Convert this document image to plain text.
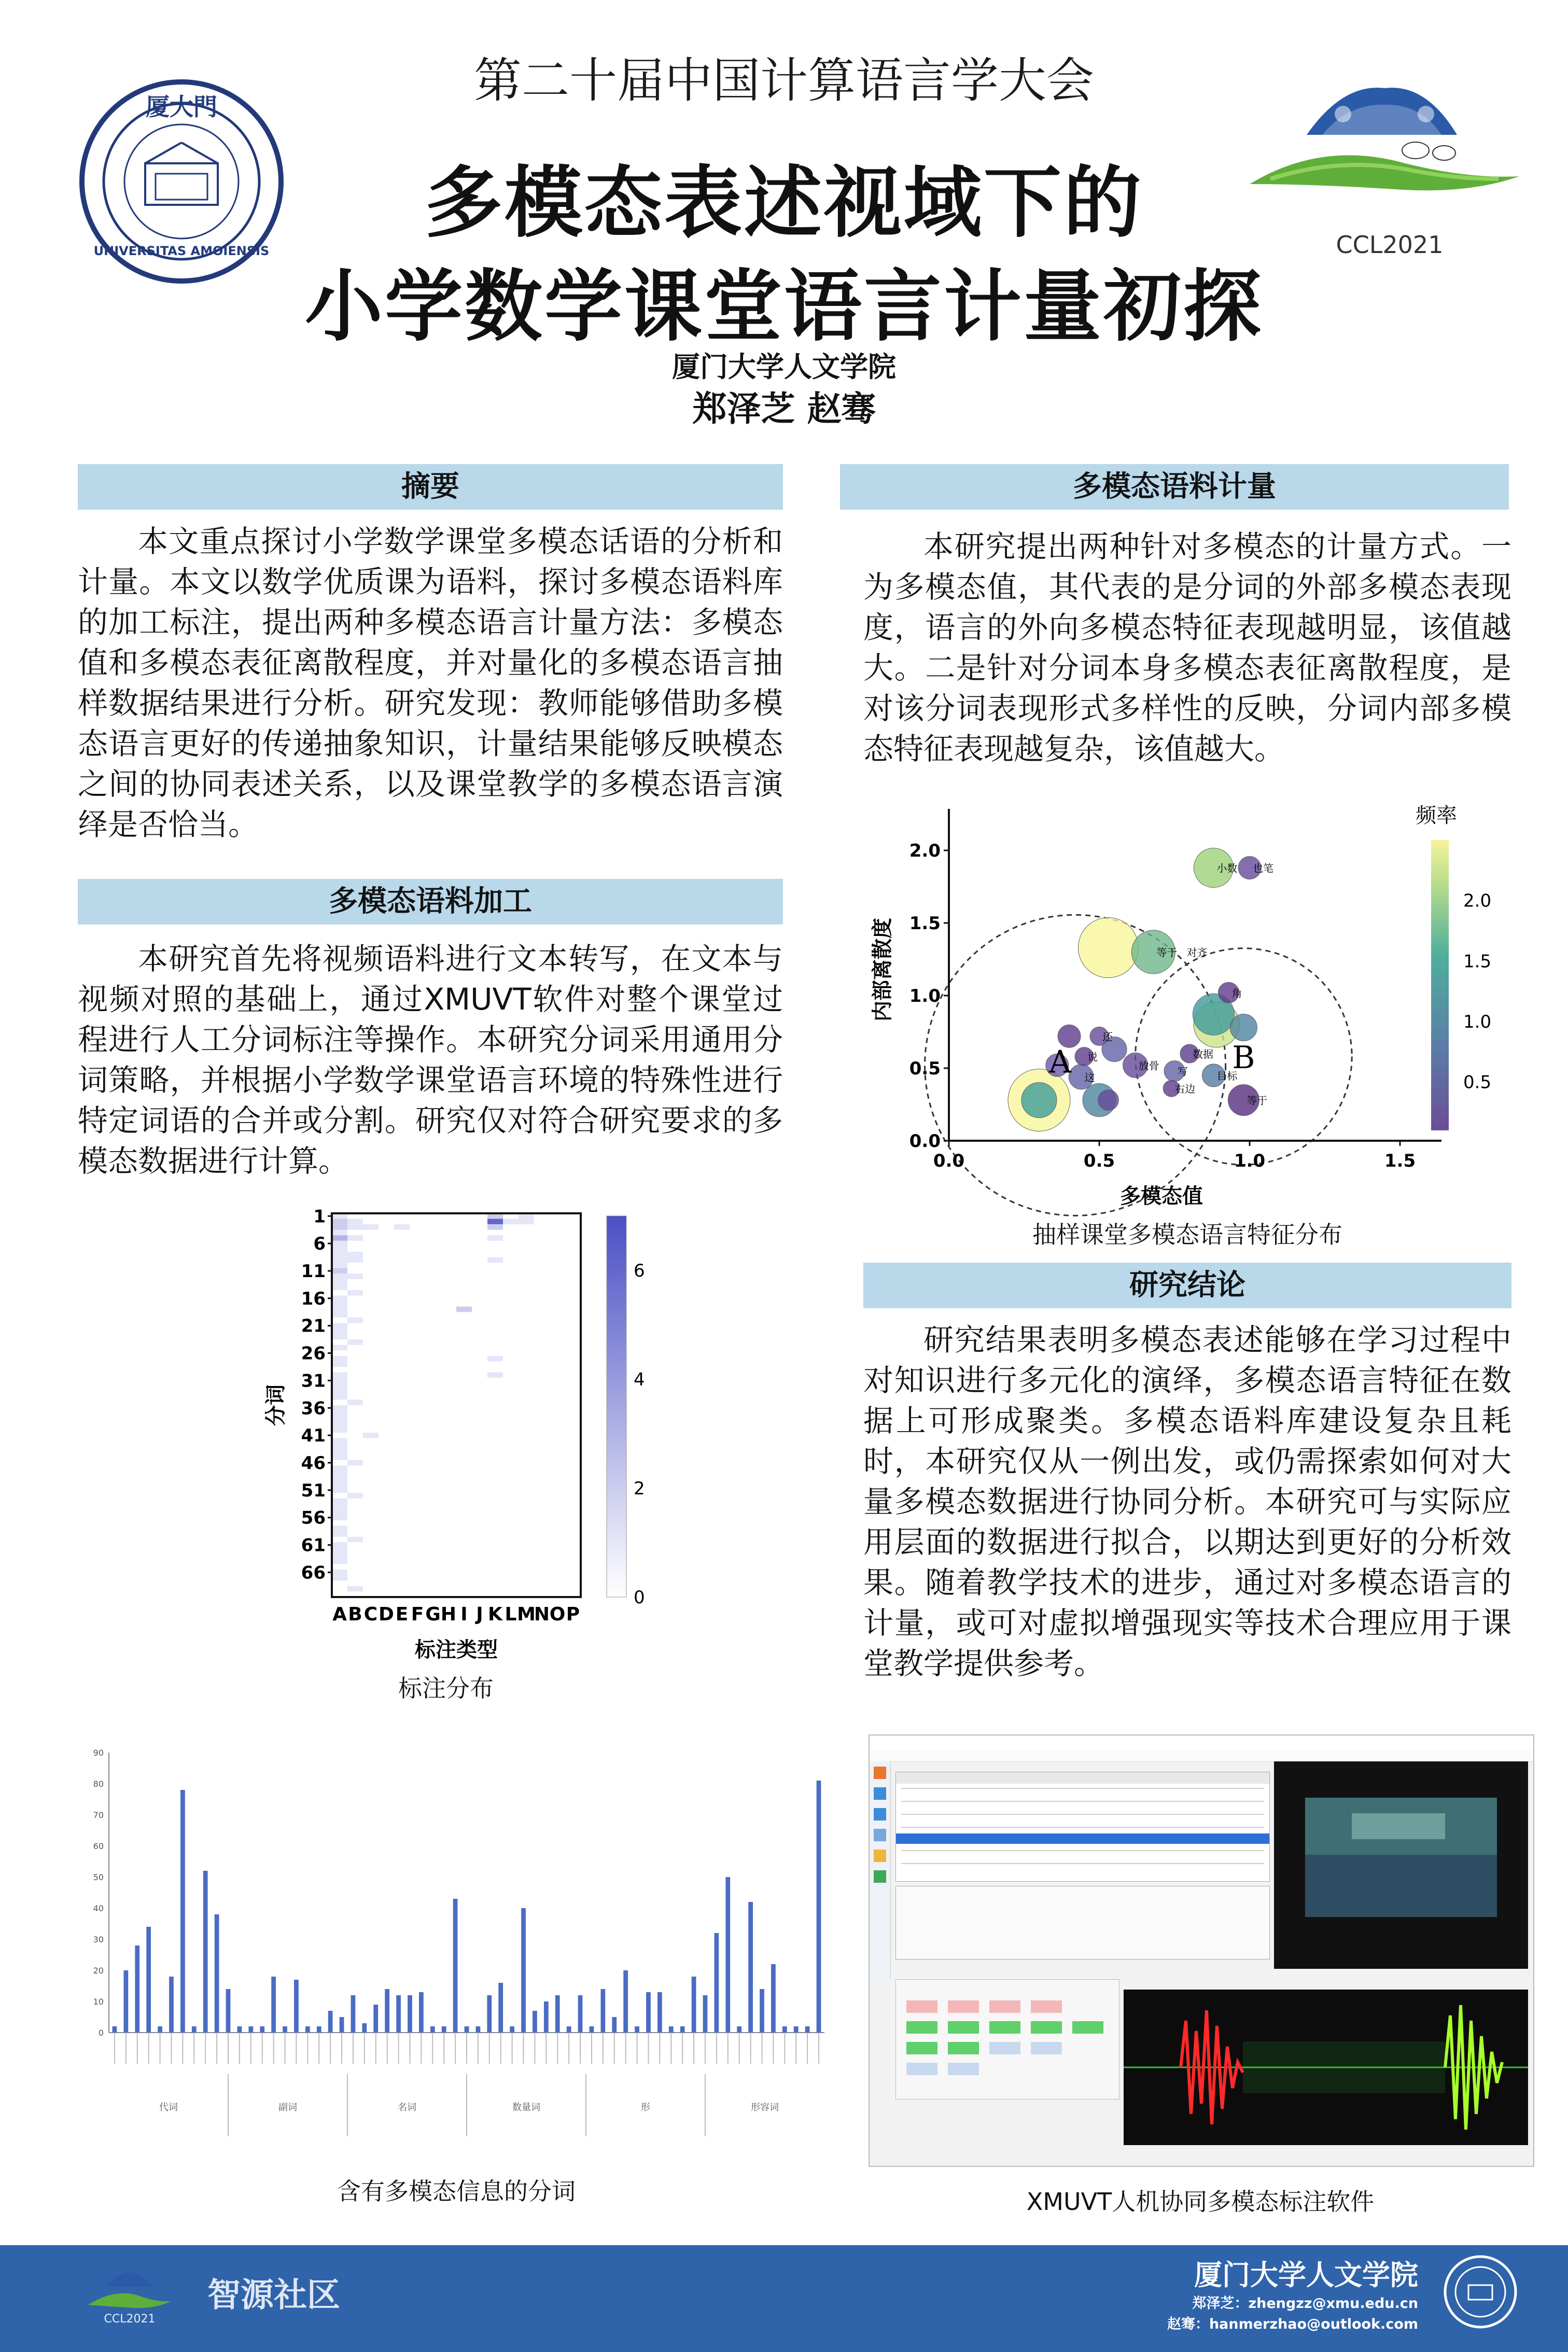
第二十届中国计算语言学大会
厦大門
UNIVERSITAS AMOIENSIS	CCL2021
多模态表述视域下的
小学数学课堂语言计量初探
厦门大学人文学院
郑泽芝 赵骞
摘要
本文重点探讨小学数学课堂多模态话语的分析和计量。本文以数学优质课为语料，探讨多模态语料库的加工标注，提出两种多模态语言计量方法：多模态值和多模态表征离散程度，并对量化的多模态语言抽样数据结果进行分析。研究发现：教师能够借助多模态语言更好的传递抽象知识，计量结果能够反映模态之间的协同表述关系，以及课堂教学的多模态语言演绎是否恰当。
多模态语料加工
本研究首先将视频语料进行文本转写，在文本与视频对照的基础上，通过XMUVT软件对整个课堂过程进行人工分词标注等操作。本研究分词采用通用分词策略，并根据小学数学课堂语言环境的特殊性进行特定词语的合并或分割。研究仅对符合研究要求的多模态数据进行计算。
1
6
11
16
21
26
31
36
41
46
51
56
61
66
A B C D E F G H I J K L M
N O P
0
2
4
6
分词
标注类型
标注分布
90
80
70
60
50
40
30
20
10
0
代词	副词	名词	数量词	形	形容词
含有多模态信息的分词
多模态语料计量
本研究提出两种针对多模态的计量方式。一为多模态值，其代表的是分词的外部多模态表现度，语言的外向多模态特征表现越明显，该值越大。二是针对分词本身多模态表征离散程度，是对该分词表现形式多样性的反映，分词内部多模态特征表现越复杂，该值越大。
小数 也笔
等于 对齐
角
还
说
放骨 写
数据
这	目标
右边
等于
A	B
0.0	0.5	1.0	1.5
0.0
0.5
1.0
1.5
2.0
多模态值
内部离散度
频率
0.5
1.0
1.5
2.0
抽样课堂多模态语言特征分布
研究结论
研究结果表明多模态表述能够在学习过程中对知识进行多元化的演绎，多模态语言特征在数据上可形成聚类。多模态语料库建设复杂且耗时，本研究仅从一例出发，或仍需探索如何对大量多模态数据进行协同分析。本研究可与实际应用层面的数据进行拟合，以期达到更好的分析效果。随着教学技术的进步，通过对多模态语言的计量，或可对虚拟增强现实等技术合理应用于课堂教学提供参考。
XMUVT人机协同多模态标注软件
CCL2021
智源社区
厦门大学人文学院
郑泽芝：zhengzz@xmu.edu.cn
赵骞：hanmerzhao@outlook.com
